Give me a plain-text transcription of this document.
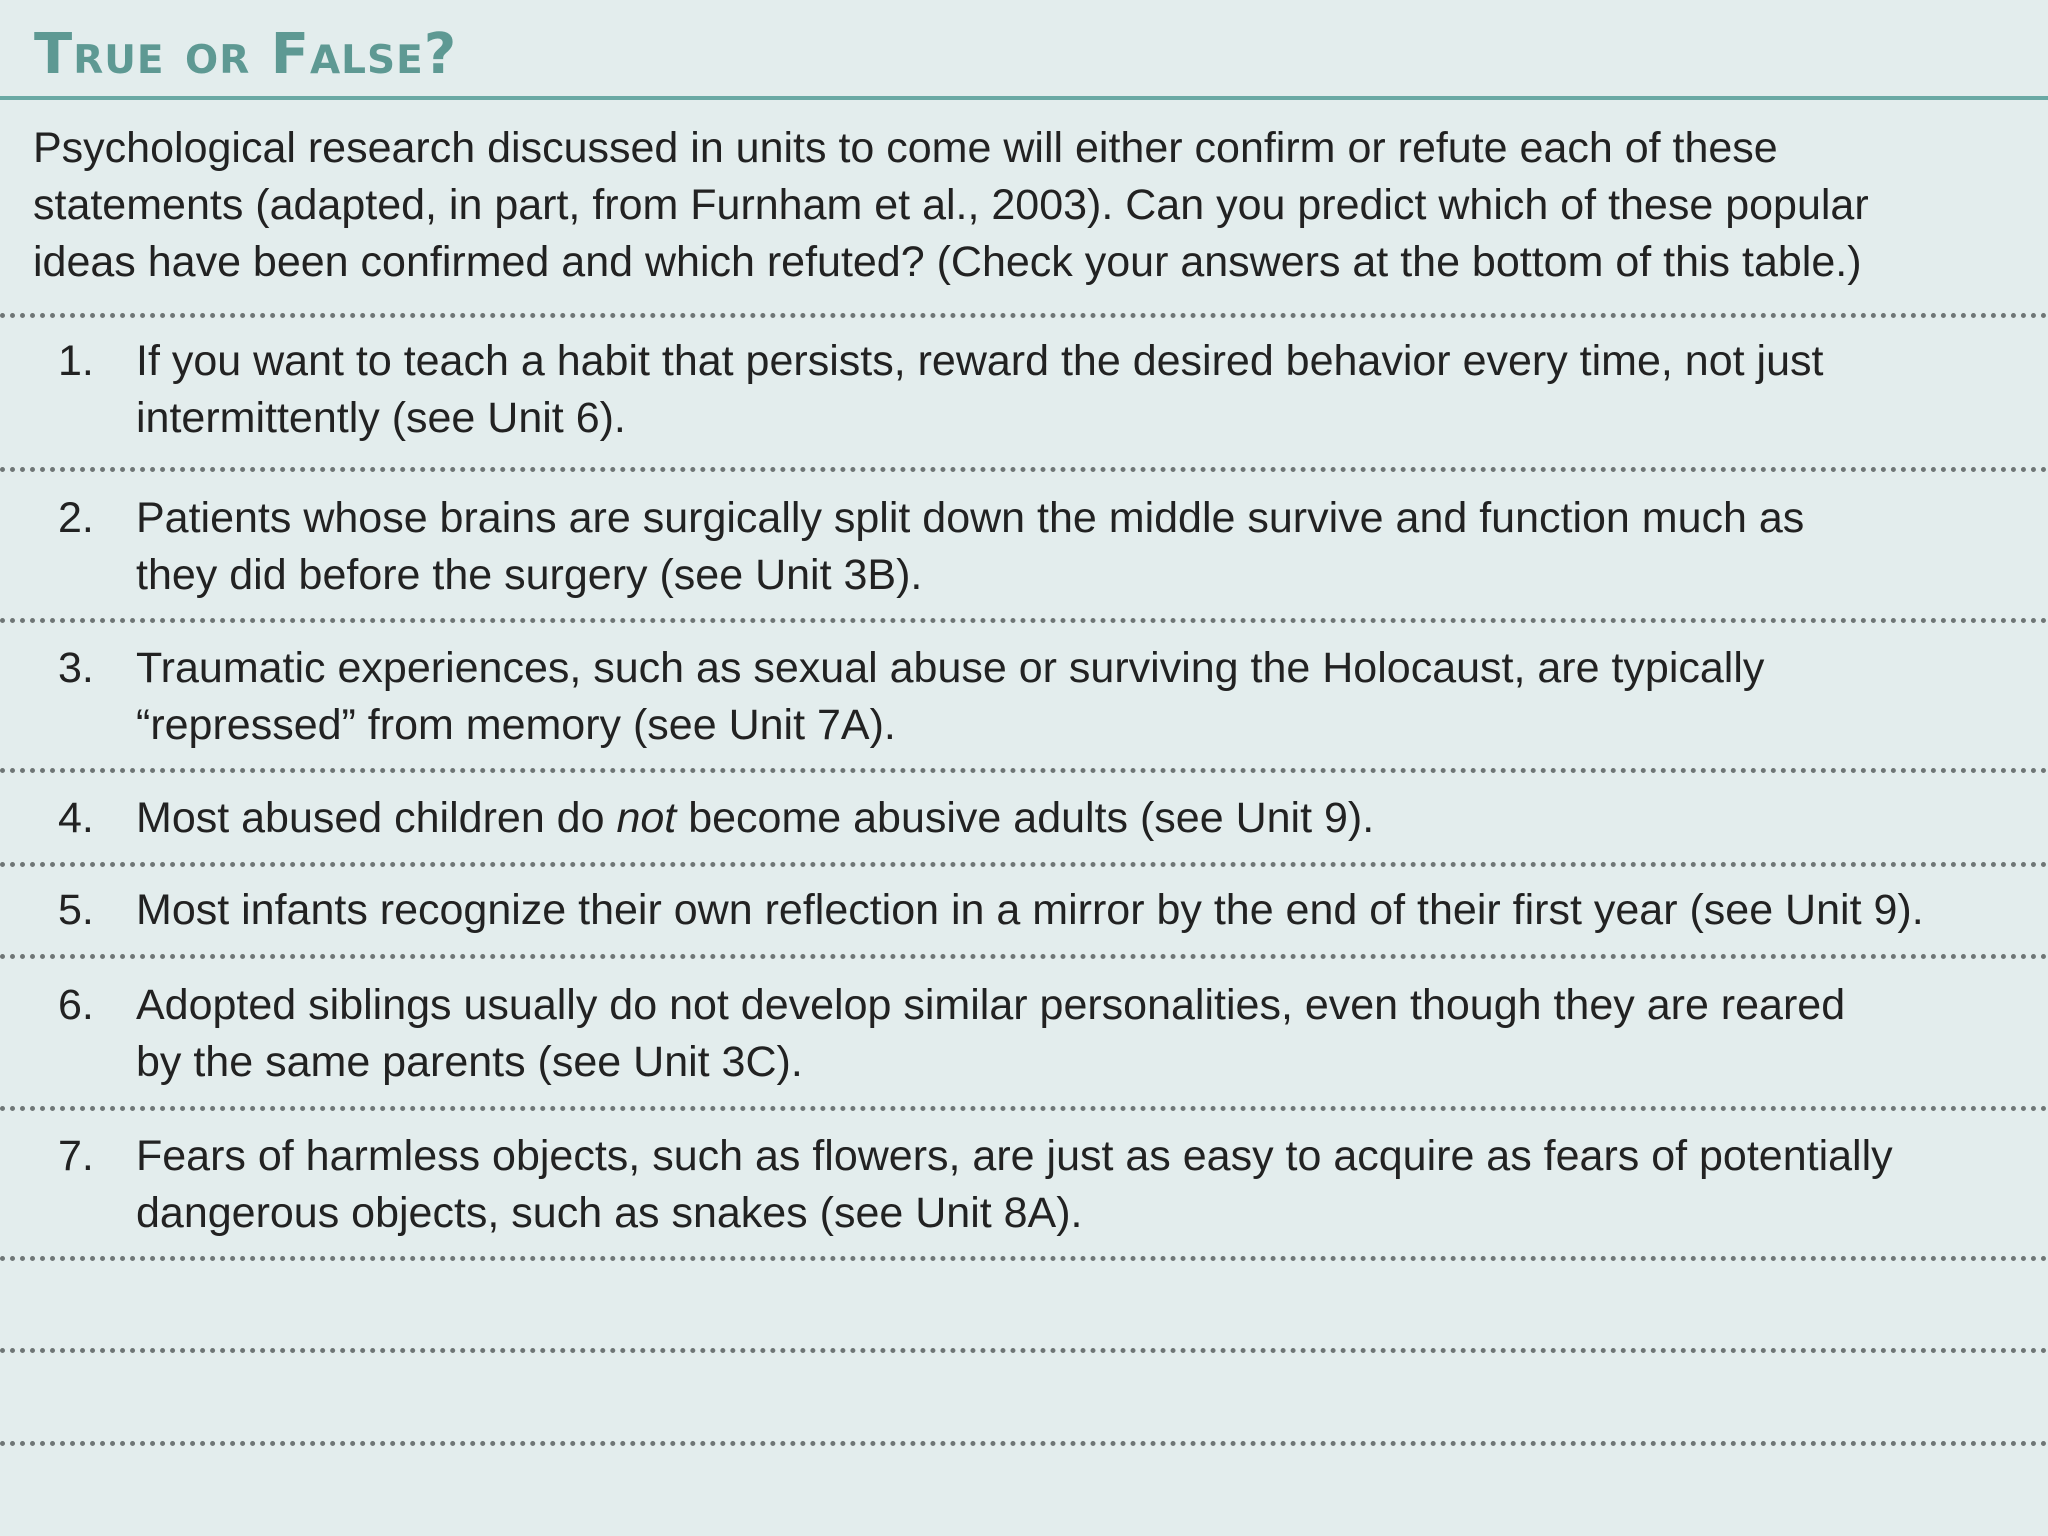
True or False?

Psychological research discussed in units to come will either confirm or refute each of these
statements (adapted, in part, from Furnham et al., 2003). Can you predict which of these popular
ideas have been confirmed and which refuted? (Check your answers at the bottom of this table.)

1. If you want to teach a habit that persists, reward the desired behavior every time, not just
intermittently (see Unit 6).

2. Patients whose brains are surgically split down the middle survive and function much as
they did before the surgery (see Unit 3B).

3. Traumatic experiences, such as sexual abuse or surviving the Holocaust, are typically
“repressed” from memory (see Unit 7A).

4. Most abused children do not become abusive adults (see Unit 9).

5. Most infants recognize their own reflection in a mirror by the end of their first year (see Unit 9).

6. Adopted siblings usually do not develop similar personalities, even though they are reared
by the same parents (see Unit 3C).

7. Fears of harmless objects, such as flowers, are just as easy to acquire as fears of potentially
dangerous objects, such as snakes (see Unit 8A).
